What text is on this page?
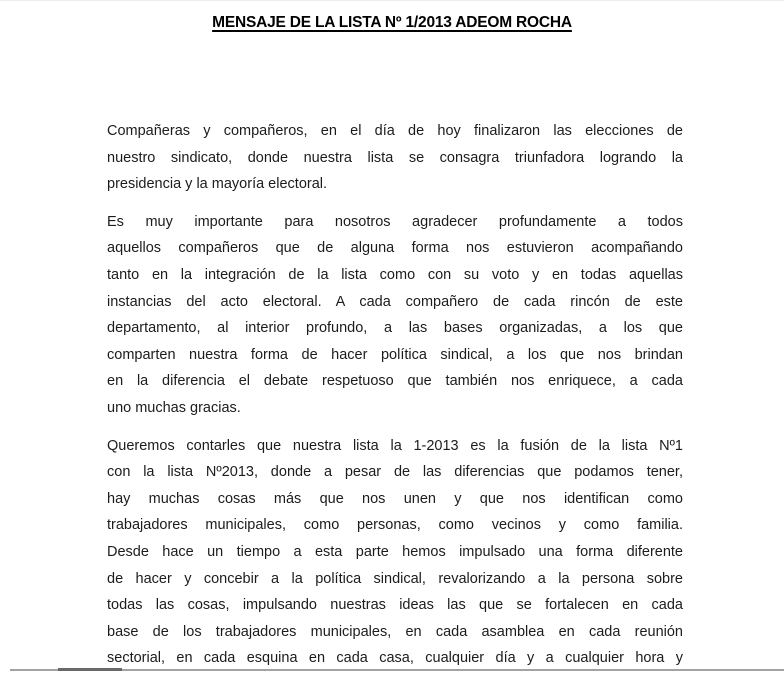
MENSAJE DE LA LISTA Nº 1/2013 ADEOM ROCHA
Compañeras y compañeros, en el día de hoy finalizaron las elecciones de
nuestro sindicato, donde nuestra lista se consagra triunfadora logrando la
presidencia y la mayoría electoral.
Es muy importante para nosotros agradecer profundamente a todos
aquellos compañeros que de alguna forma nos estuvieron acompañando
tanto en la integración de la lista como con su voto y en todas aquellas
instancias del acto electoral. A cada compañero de cada rincón de este
departamento, al interior profundo, a las bases organizadas, a los que
comparten nuestra forma de hacer política sindical, a los que nos brindan
en la diferencia el debate respetuoso que también nos enriquece, a cada
uno muchas gracias.
Queremos contarles que nuestra lista la 1-2013 es la fusión de la lista Nº1
con la lista Nº2013, donde a pesar de las diferencias que podamos tener,
hay muchas cosas más que nos unen y que nos identifican como
trabajadores municipales, como personas, como vecinos y como familia.
Desde hace un tiempo a esta parte hemos impulsado una forma diferente
de hacer y concebir a la política sindical, revalorizando a la persona sobre
todas las cosas, impulsando nuestras ideas las que se fortalecen en cada
base de los trabajadores municipales, en cada asamblea en cada reunión
sectorial, en cada esquina en cada casa, cualquier día y a cualquier hora y
